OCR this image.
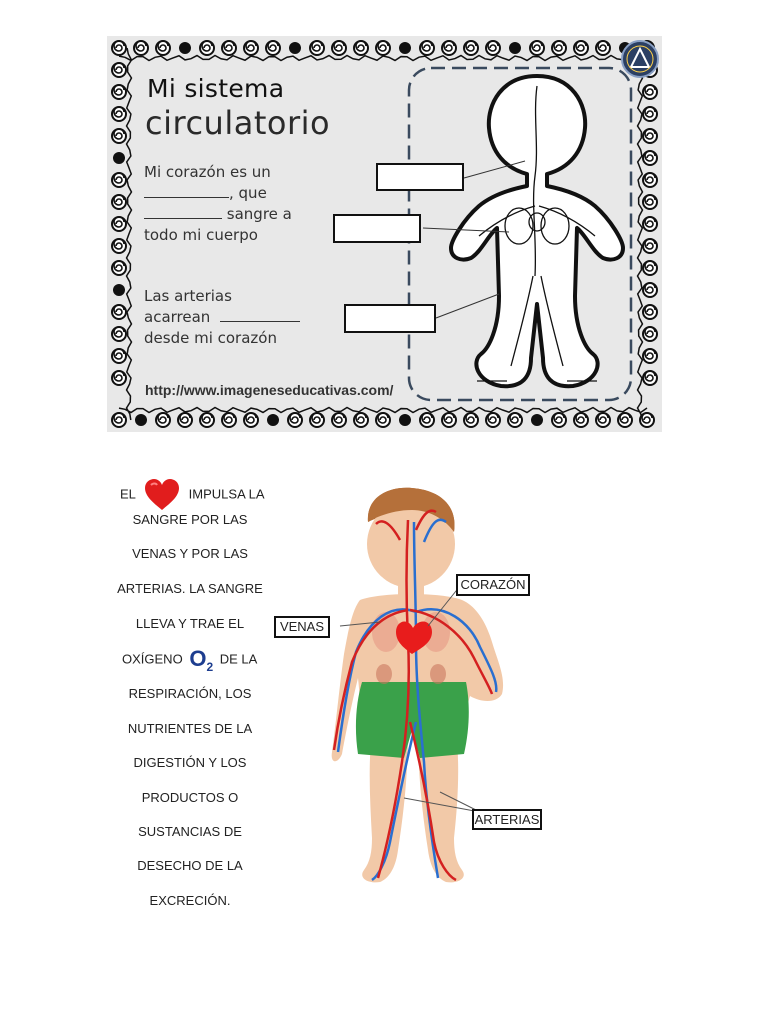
Mi sistema
circulatorio
Mi corazón es un
, que
sangre a
todo mi cuerpo
Las arterias
acarrean
desde mi corazón
http://www.imageneseducativas.com/
EL	IMPULSA LA
SANGRE POR LAS
VENAS Y POR LAS
ARTERIAS. LA SANGRE
LLEVA Y TRAE EL
OXÍGENO O2 DE LA
RESPIRACIÓN, LOS
NUTRIENTES DE LA
DIGESTIÓN Y LOS
PRODUCTOS O
SUSTANCIAS DE
DESECHO DE LA
EXCRECIÓN.
CORAZÓN
VENAS
ARTERIAS
